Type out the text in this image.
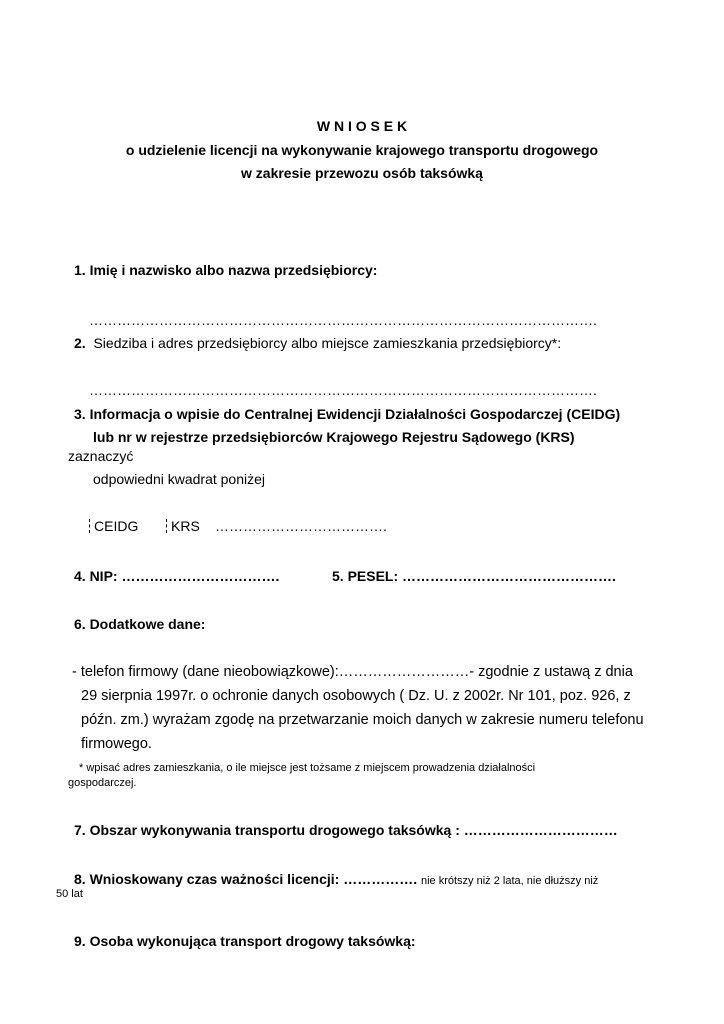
W N I O S E K
o udzielenie licencji na wykonywanie krajowego transportu drogowego
w zakresie przewozu osób taksówką
1. Imię i nazwisko albo nazwa przedsiębiorcy:
……………………………………………………………………………………………….
2. Siedziba i adres przedsiębiorcy albo miejsce zamieszkania przedsiębiorcy*:
……………………………………………………………………………………………….
3. Informacja o wpisie do Centralnej Ewidencji Działalności Gospodarczej (CEIDG)
lub nr w rejestrze przedsiębiorców Krajowego Rejestru Sądowego (KRS)
zaznaczyć
odpowiedni kwadrat poniżej
CEIDG	KRS ……………………………….
4. NIP: …………………………….	5. PESEL: ……………………………………….
6. Dodatkowe dane:
- telefon firmowy (dane nieobowiązkowe):………………………- zgodnie z ustawą z dnia
29 sierpnia 1997r. o ochronie danych osobowych ( Dz. U. z 2002r. Nr 101, poz. 926, z
późn. zm.) wyrażam zgodę na przetwarzanie moich danych w zakresie numeru telefonu
firmowego.
* wpisać adres zamieszkania, o ile miejsce jest tożsame z miejscem prowadzenia działalności
gospodarczej.
7. Obszar wykonywania transportu drogowego taksówką : ……………………………
8. Wnioskowany czas ważności licencji: ……………. nie krótszy niż 2 lata, nie dłuższy niż
50 lat
9. Osoba wykonująca transport drogowy taksówką:
